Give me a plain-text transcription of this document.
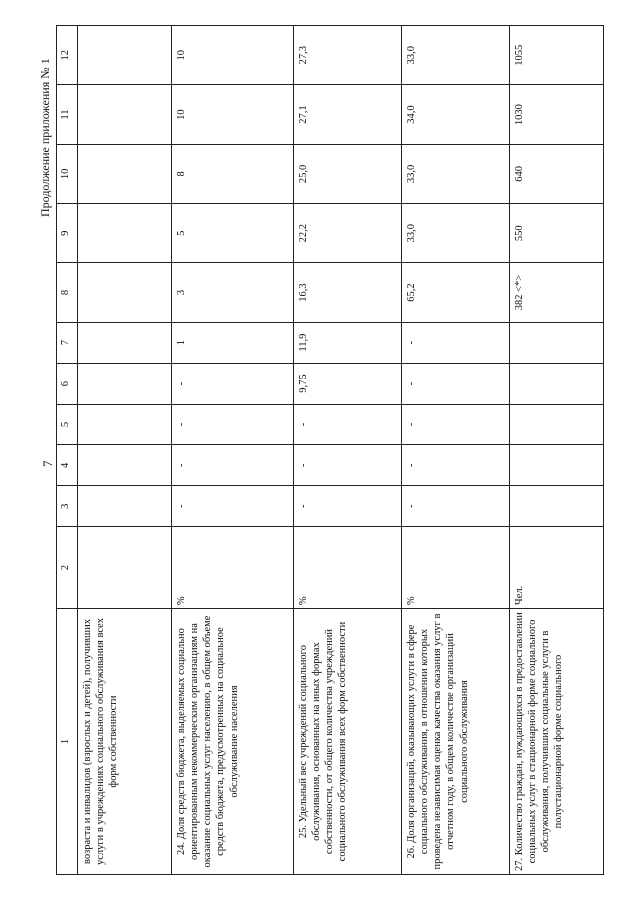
7
Продолжение приложения № 1
1	2	3	4	5	6	7	8	9	10	11	12
возраста и инвалидов (взрослых и детей), получивших услуги в учреждениях социального обслуживания всех форм собственности											
24. Доля средств бюджета, выделяемых социально ориентированным некоммерческим организациям на оказание социальных услуг населению, в общем объеме средств бюджета, предусмотренных на социальное обслуживание населения	%	-	-	-	-	1	3	5	8	10	10
25. Удельный вес учреждений социального обслуживания, основанных на иных формах собственности, от общего количества учреждений социального обслуживания всех форм собственности	%	-	-	-	9,75	11,9	16,3	22,2	25,0	27,1	27,3
26. Доля организаций, оказывающих услуги в сфере социального обслуживания, в отношении которых проведена независимая оценка качества оказания услуг в отчетном году, в общем количестве организаций социального обслуживания	%	-	-	-	-	-	65,2	33,0	33,0	34,0	33,0
27. Количество граждан, нуждающихся в предоставлении социальных услуг в стационарной форме социального обслуживания, получивших социальные услуги в полустационарной форме социального	Чел.						382 <*>	550	640	1030	1055
